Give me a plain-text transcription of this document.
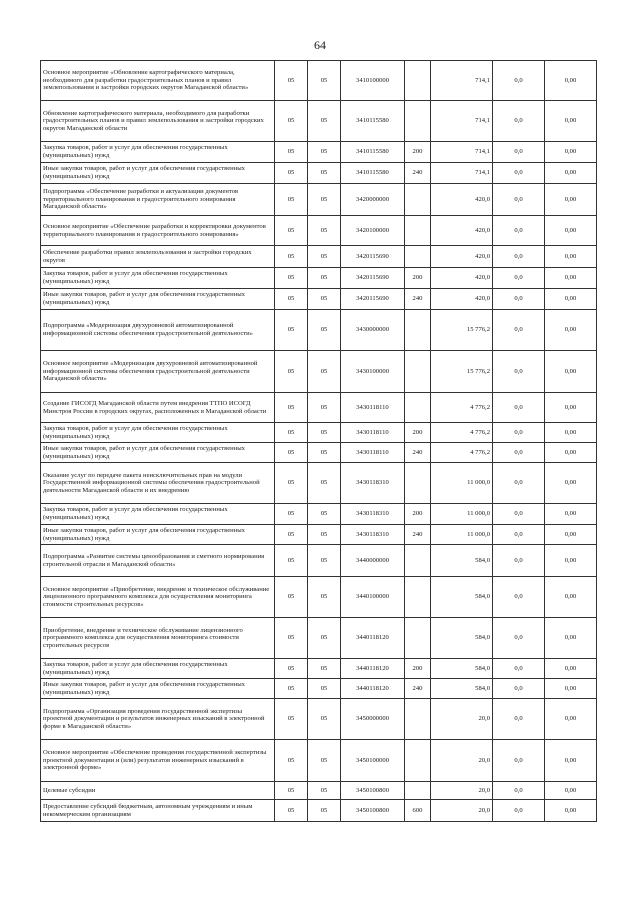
64
Основное мероприятие «Обновление картографического материала, необходимого для разработки градостроительных планов и правил землепользования и застройки городских округов Магаданской области»	05	05	3410100000		714,1	0,0	0,00
Обновление картографического материала, необходимого для разработки градостроительных планов и правил землепользования и застройки городских округов Магаданской области	05	05	3410115580		714,1	0,0	0,00
Закупка товаров, работ и услуг для обеспечения государственных (муниципальных) нужд	05	05	3410115580	200	714,1	0,0	0,00
Иные закупки товаров, работ и услуг для обеспечения государственных (муниципальных) нужд	05	05	3410115580	240	714,1	0,0	0,00
Подпрограмма «Обеспечение разработки и актуализации документов территориального планирования и градостроительного зонирования Магаданской области»	05	05	3420000000		420,0	0,0	0,00
Основное мероприятие «Обеспечение разработки и корректировки документов территориального планирования и градостроительного зонирования»	05	05	3420100000		420,0	0,0	0,00
Обеспечение разработки правил землепользования и застройки городских округов	05	05	3420115690		420,0	0,0	0,00
Закупка товаров, работ и услуг для обеспечения государственных (муниципальных) нужд	05	05	3420115690	200	420,0	0,0	0,00
Иные закупки товаров, работ и услуг для обеспечения государственных (муниципальных) нужд	05	05	3420115690	240	420,0	0,0	0,00
Подпрограмма «Модернизация двухуровневой автоматизированной информационной системы обеспечения градостроительной деятельности»	05	05	3430000000		15 776,2	0,0	0,00
Основное мероприятие «Модернизация двухуровневой автоматизированной информационной системы обеспечения градостроительной деятельности Магаданской области»	05	05	3430100000		15 776,2	0,0	0,00
Создание ГИСОГД Магаданской области путем внедрения ТТПО ИСОГД Минстроя России в городских округах, расположенных в Магаданской области	05	05	3430118110		4 776,2	0,0	0,00
Закупка товаров, работ и услуг для обеспечения государственных (муниципальных) нужд	05	05	3430118110	200	4 776,2	0,0	0,00
Иные закупки товаров, работ и услуг для обеспечения государственных (муниципальных) нужд	05	05	3430118110	240	4 776,2	0,0	0,00
Оказание услуг по передаче пакета неисключительных прав на модули Государственной информационной системы обеспечения градостроительной деятельности Магаданской области и их внедрению	05	05	3430118310		11 000,0	0,0	0,00
Закупка товаров, работ и услуг для обеспечения государственных (муниципальных) нужд	05	05	3430118310	200	11 000,0	0,0	0,00
Иные закупки товаров, работ и услуг для обеспечения государственных (муниципальных) нужд	05	05	3430118310	240	11 000,0	0,0	0,00
Подпрограмма «Развитие системы ценообразования и сметного нормирования строительной отрасли в Магаданской области»	05	05	3440000000		584,0	0,0	0,00
Основное мероприятие «Приобретение, внедрение и техническое обслуживание лицензионного программного комплекса для осуществления мониторинга стоимости строительных ресурсов»	05	05	3440100000		584,0	0,0	0,00
Приобретение, внедрение и техническое обслуживание лицензионного программного комплекса для осуществления мониторинга стоимости строительных ресурсов	05	05	3440118120		584,0	0,0	0,00
Закупка товаров, работ и услуг для обеспечения государственных (муниципальных) нужд	05	05	3440118120	200	584,0	0,0	0,00
Иные закупки товаров, работ и услуг для обеспечения государственных (муниципальных) нужд	05	05	3440118120	240	584,0	0,0	0,00
Подпрограмма «Организация проведения государственной экспертизы проектной документации и результатов инженерных изысканий в электронной форме в Магаданской области»	05	05	3450000000		20,0	0,0	0,00
Основное мероприятие «Обеспечение проведения государственной экспертизы проектной документации и (или) результатов инженерных изысканий в электронной форме»	05	05	3450100000		20,0	0,0	0,00
Целевые субсидии	05	05	3450100800		20,0	0,0	0,00
Предоставление субсидий бюджетным, автономным учреждениям и иным некоммерческим организациям	05	05	3450100800	600	20,0	0,0	0,00
